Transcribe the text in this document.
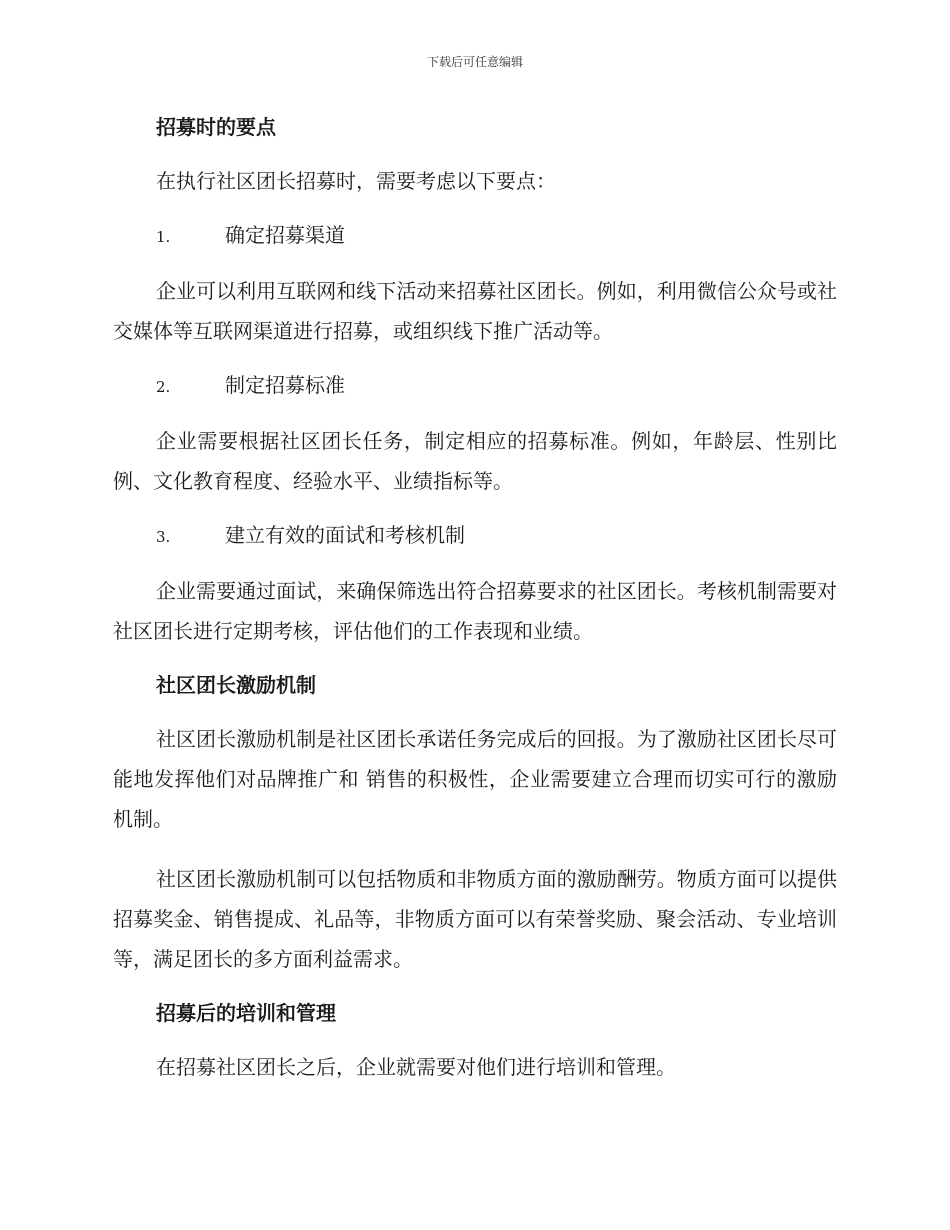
下载后可任意编辑
招募时的要点
在执行社区团长招募时，需要考虑以下要点：
1.	确定招募渠道
企业可以利用互联网和线下活动来招募社区团长。例如，利用微信公众号或社交媒体等互联网渠道进行招募，或组织线下推广活动等。
2.	制定招募标准
企业需要根据社区团长任务，制定相应的招募标准。例如，年龄层、性别比例、文化教育程度、经验水平、业绩指标等。
3.	建立有效的面试和考核机制
企业需要通过面试，来确保筛选出符合招募要求的社区团长。考核机制需要对社区团长进行定期考核，评估他们的工作表现和业绩。
社区团长激励机制
社区团长激励机制是社区团长承诺任务完成后的回报。为了激励社区团长尽可能地发挥他们对品牌推广和 销售的积极性，企业需要建立合理而切实可行的激励机制。
社区团长激励机制可以包括物质和非物质方面的激励酬劳。物质方面可以提供招募奖金、销售提成、礼品等，非物质方面可以有荣誉奖励、聚会活动、专业培训等，满足团长的多方面利益需求。
招募后的培训和管理
在招募社区团长之后，企业就需要对他们进行培训和管理。
